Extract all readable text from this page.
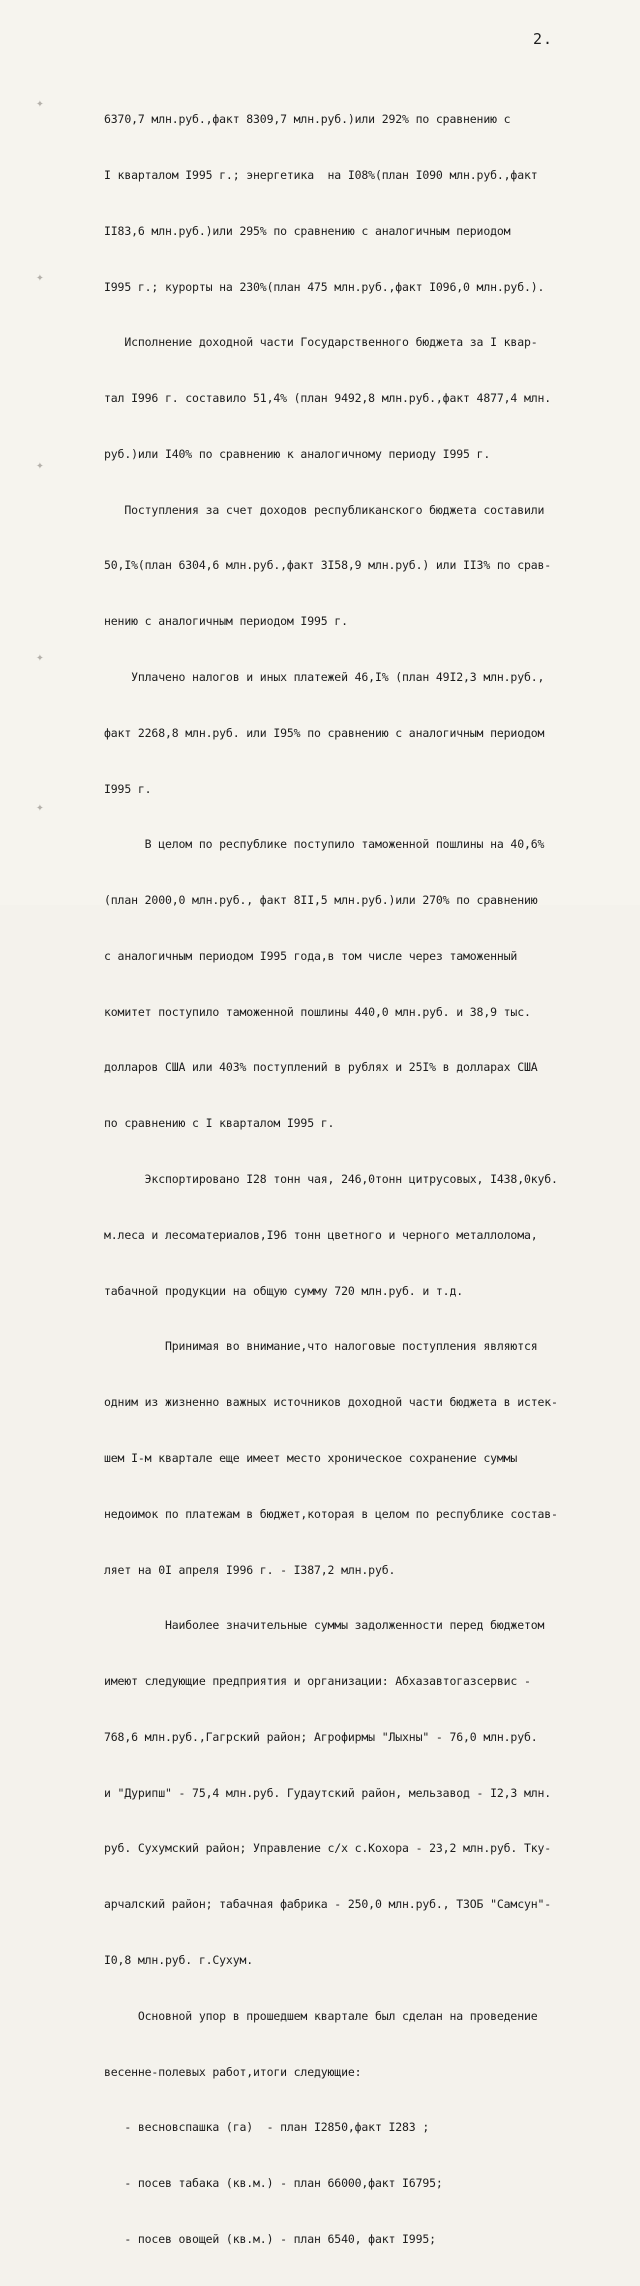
2.
✦
✦
✦
✦
✦

6370,7 млн.руб.,факт 8309,7 млн.руб.)или 292% по сравнению с

I кварталом I995 г.; энергетика  на I08%(план I090 млн.руб.,факт

II83,6 млн.руб.)или 295% по сравнению с аналогичным периодом

I995 г.; курорты на 230%(план 475 млн.руб.,факт I096,0 млн.руб.).

Исполнение доходной части Государственного бюджета за I квар-

тал I996 г. составило 51,4% (план 9492,8 млн.руб.,факт 4877,4 млн.

руб.)или I40% по сравнению к аналогичному периоду I995 г.

Поступления за счет доходов республиканского бюджета составили

50,I%(план 6304,6 млн.руб.,факт 3I58,9 млн.руб.) или II3% по срав-

нению с аналогичным периодом I995 г.

Уплачено налогов и иных платежей 46,I% (план 49I2,3 млн.руб.,

факт 2268,8 млн.руб. или I95% по сравнению с аналогичным периодом

I995 г.

В целом по республике поступило таможенной пошлины на 40,6%

(план 2000,0 млн.руб., факт 8II,5 млн.руб.)или 270% по сравнению

с аналогичным периодом I995 года,в том числе через таможенный

комитет поступило таможенной пошлины 440,0 млн.руб. и 38,9 тыс.

долларов США или 403% поступлений в рублях и 25I% в долларах США

по сравнению с I кварталом I995 г.

Экспортировано I28 тонн чая, 246,0тонн цитрусовых, I438,0куб.

м.леса и лесоматериалов,I96 тонн цветного и черного металлолома,

табачной продукции на общую сумму 720 млн.руб. и т.д.

Принимая во внимание,что налоговые поступления являются

одним из жизненно важных источников доходной части бюджета в истек-

шем I-м квартале еще имеет место хроническое сохранение суммы

недоимок по платежам в бюджет,которая в целом по республике состав-

ляет на 0I апреля I996 г. - I387,2 млн.руб.

Наиболее значительные суммы задолженности перед бюджетом

имеют следующие предприятия и организации: Абхазавтогазсервис -

768,6 млн.руб.,Гагрский район; Агрофирмы "Лыхны" - 76,0 млн.руб.

и "Дурипш" - 75,4 млн.руб. Гудаутский район, мельзавод - I2,3 млн.

руб. Сухумский район; Управление с/х с.Кохора - 23,2 млн.руб. Тку-

арчалский район; табачная фабрика - 250,0 млн.руб., ТЗОБ "Самсун"-

I0,8 млн.руб. г.Сухум.

Основной упор в прошедшем квартале был сделан на проведение

весенне-полевых работ,итоги следующие:

- весновспашка (га)  - план I2850,факт I283 ;

- посев табака (кв.м.) - план 66000,факт I6795;

- посев овощей (кв.м.) - план 6540, факт I995;
